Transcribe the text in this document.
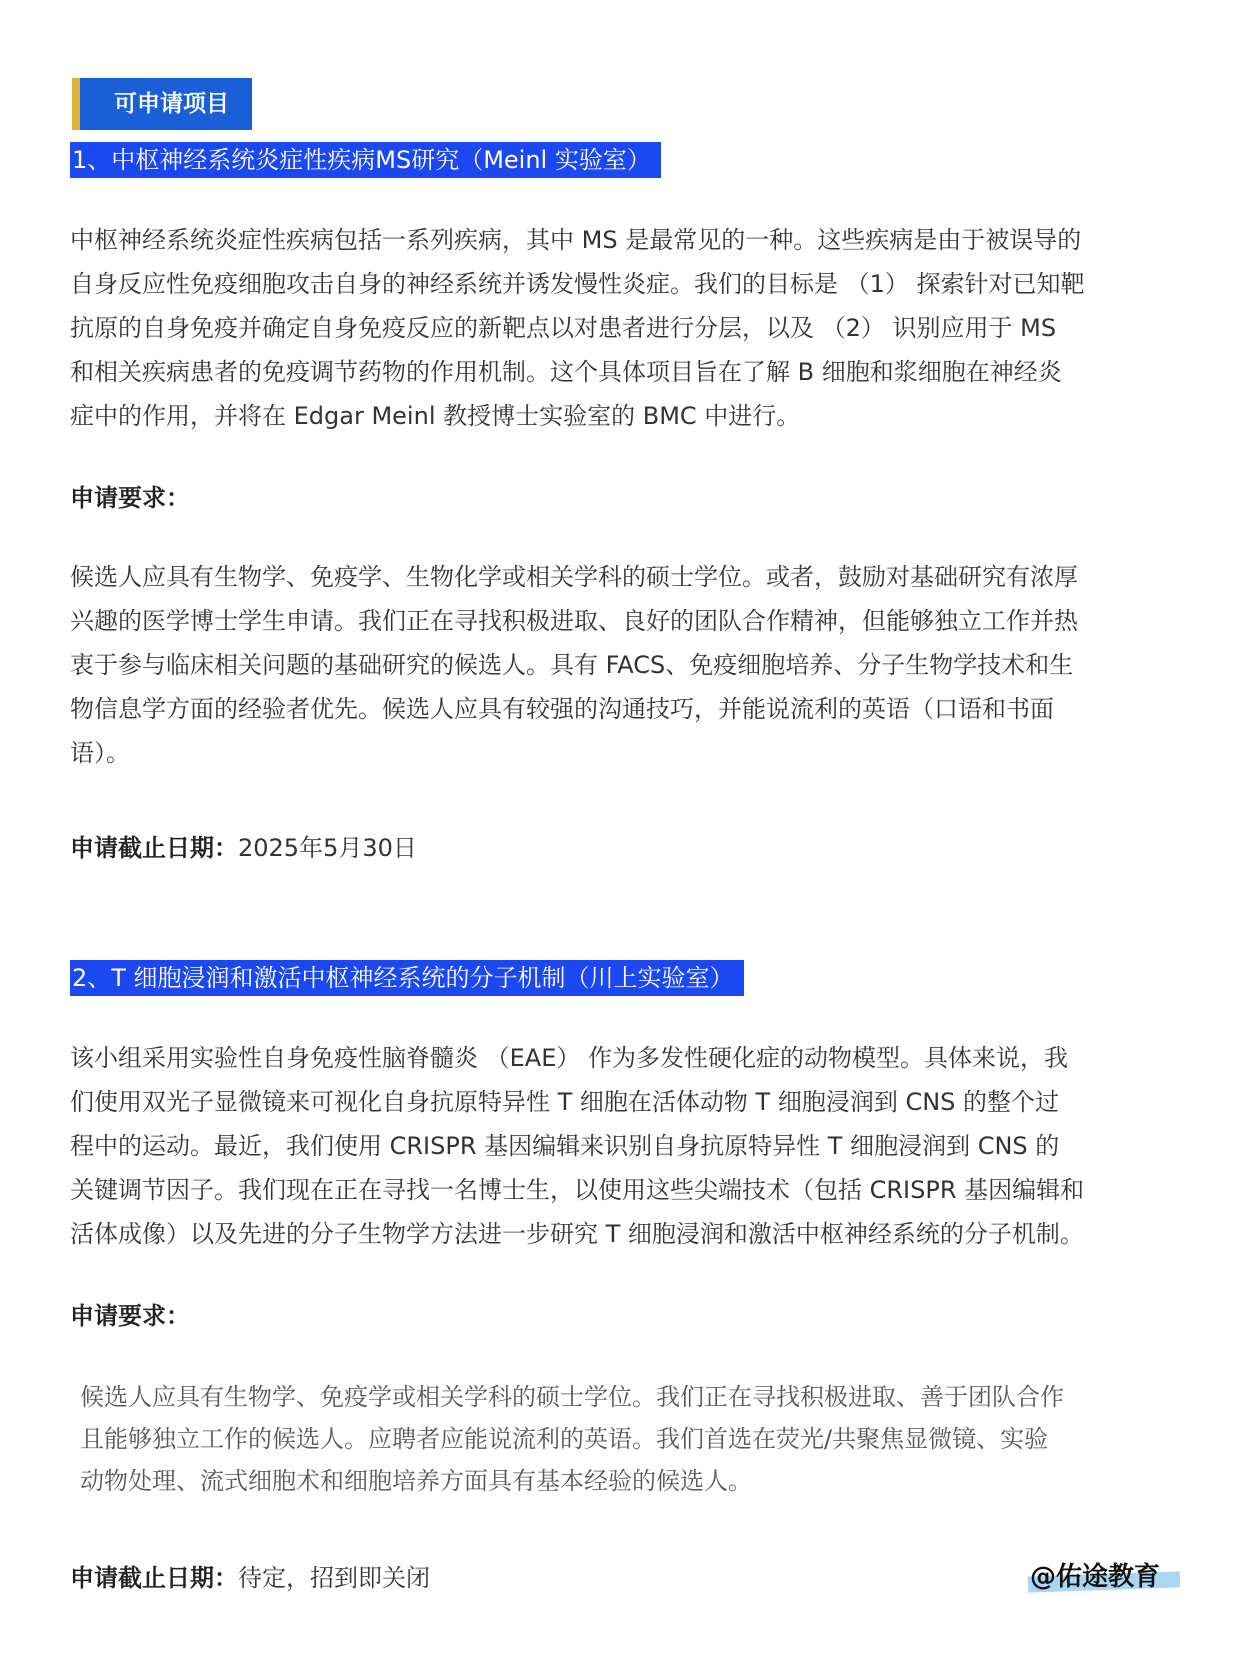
可申请项目
1、中枢神经系统炎症性疾病MS研究（Meinl 实验室）
中枢神经系统炎症性疾病包括一系列疾病，其中 MS 是最常见的一种。这些疾病是由于被误导的
自身反应性免疫细胞攻击自身的神经系统并诱发慢性炎症。我们的目标是 （1） 探索针对已知靶
抗原的自身免疫并确定自身免疫反应的新靶点以对患者进行分层，以及 （2） 识别应用于 MS
和相关疾病患者的免疫调节药物的作用机制。这个具体项目旨在了解 B 细胞和浆细胞在神经炎
症中的作用，并将在 Edgar Meinl 教授博士实验室的 BMC 中进行。
申请要求：
候选人应具有生物学、免疫学、生物化学或相关学科的硕士学位。或者，鼓励对基础研究有浓厚
兴趣的医学博士学生申请。我们正在寻找积极进取、良好的团队合作精神，但能够独立工作并热
衷于参与临床相关问题的基础研究的候选人。具有 FACS、免疫细胞培养、分子生物学技术和生
物信息学方面的经验者优先。候选人应具有较强的沟通技巧，并能说流利的英语（口语和书面
语）。
申请截止日期：2025年5月30日
2、T 细胞浸润和激活中枢神经系统的分子机制（川上实验室）
该小组采用实验性自身免疫性脑脊髓炎 （EAE） 作为多发性硬化症的动物模型。具体来说，我
们使用双光子显微镜来可视化自身抗原特异性 T 细胞在活体动物 T 细胞浸润到 CNS 的整个过
程中的运动。最近，我们使用 CRISPR 基因编辑来识别自身抗原特异性 T 细胞浸润到 CNS 的
关键调节因子。我们现在正在寻找一名博士生，以使用这些尖端技术（包括 CRISPR 基因编辑和
活体成像）以及先进的分子生物学方法进一步研究 T 细胞浸润和激活中枢神经系统的分子机制。
申请要求：
候选人应具有生物学、免疫学或相关学科的硕士学位。我们正在寻找积极进取、善于团队合作
且能够独立工作的候选人。应聘者应能说流利的英语。我们首选在荧光/共聚焦显微镜、实验
动物处理、流式细胞术和细胞培养方面具有基本经验的候选人。
申请截止日期：待定，招到即关闭	@佑途教育
